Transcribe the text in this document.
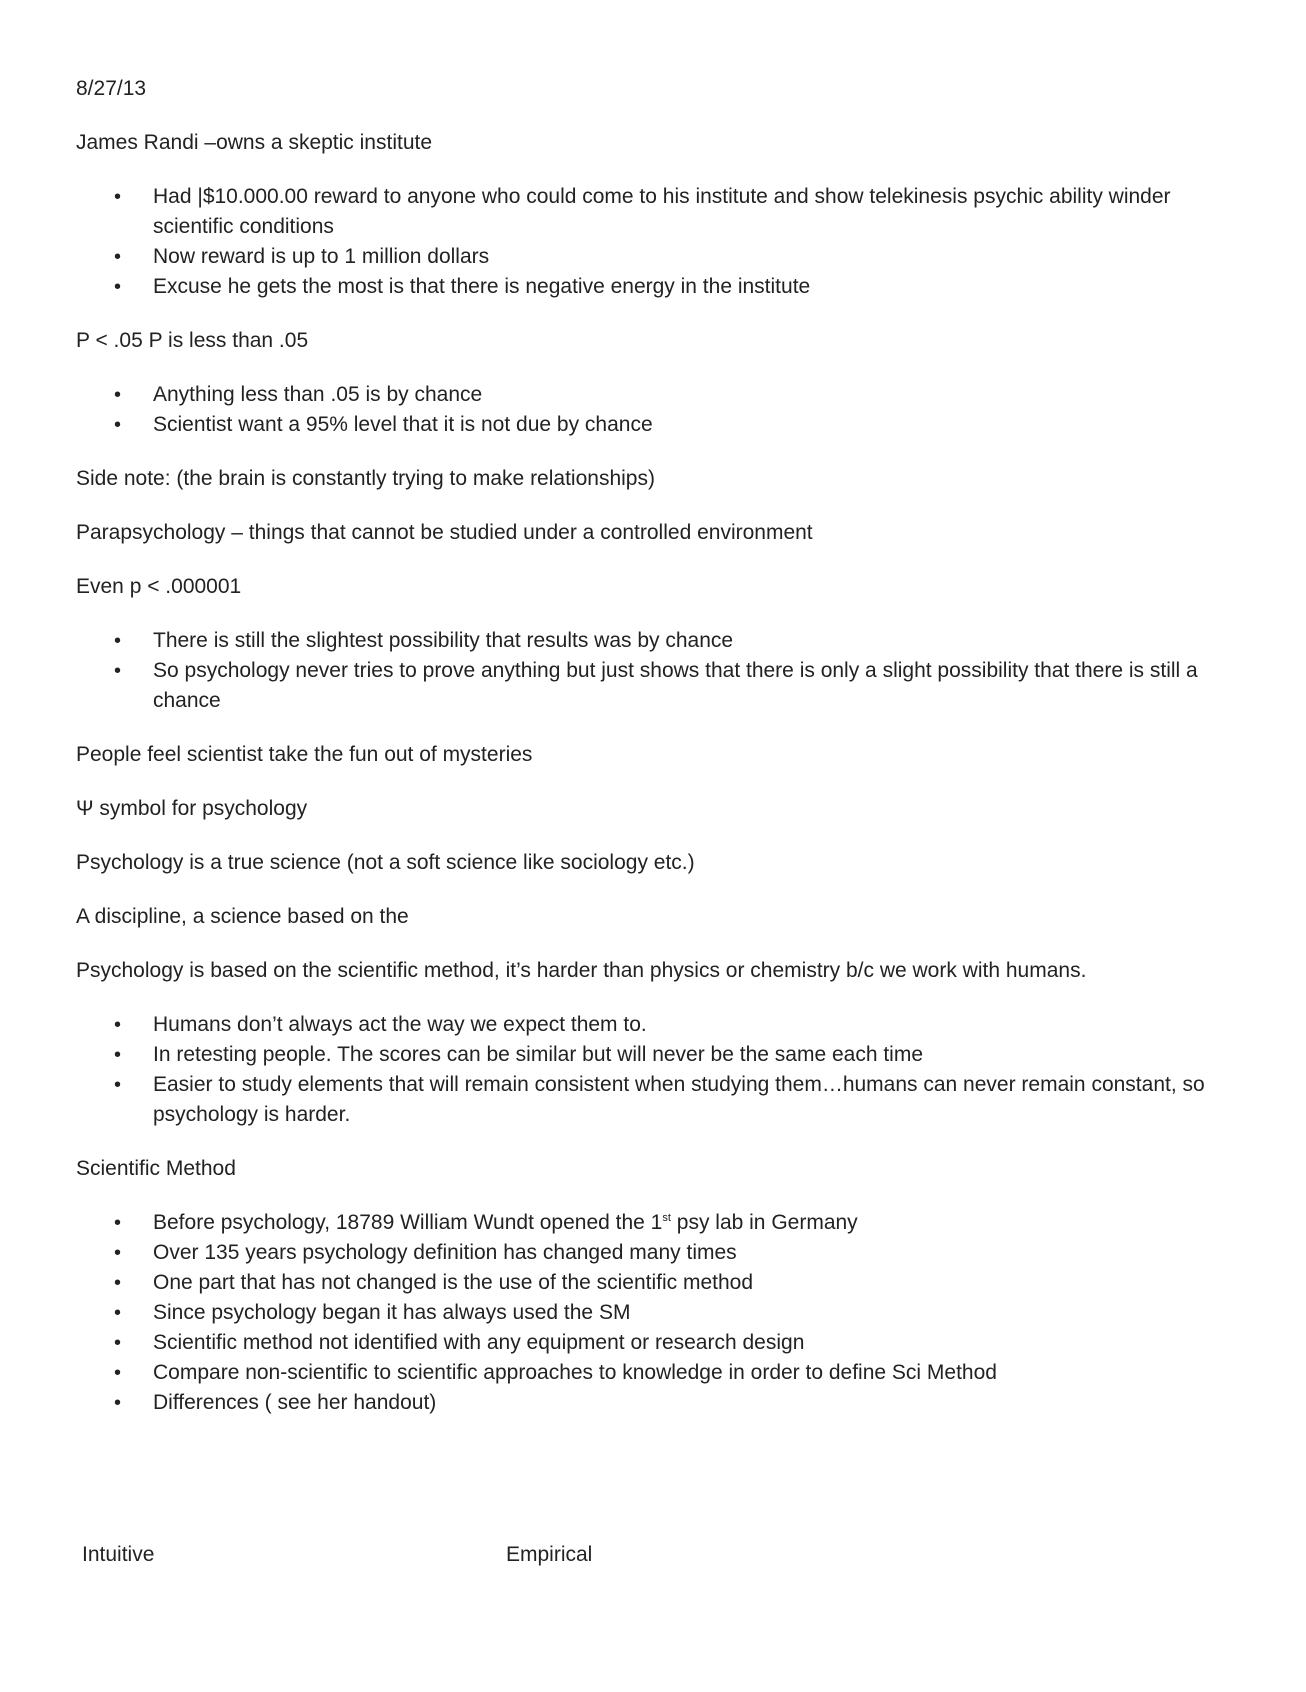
8/27/13

James Randi –owns a skeptic institute

• Had |$10.000.00 reward to anyone who could come to his institute and show telekinesis psychic ability winder scientific conditions
• Now reward is up to 1 million dollars
• Excuse he gets the most is that there is negative energy in the institute

P < .05 P is less than .05

• Anything less than .05 is by chance
• Scientist want a 95% level that it is not due by chance

Side note: (the brain is constantly trying to make relationships)

Parapsychology – things that cannot be studied under a controlled environment

Even p < .000001

• There is still the slightest possibility that results was by chance
• So psychology never tries to prove anything but just shows that there is only a slight possibility that there is still a chance

People feel scientist take the fun out of mysteries

Ψ symbol for psychology

Psychology is a true science (not a soft science like sociology etc.)

A discipline, a science based on the

Psychology is based on the scientific method, it’s harder than physics or chemistry b/c we work with humans.

• Humans don’t always act the way we expect them to.
• In retesting people. The scores can be similar but will never be the same each time
• Easier to study elements that will remain consistent when studying them…humans can never remain constant, so psychology is harder.

Scientific Method

• Before psychology, 18789 William Wundt opened the 1st psy lab in Germany
• Over 135 years psychology definition has changed many times
• One part that has not changed is the use of the scientific method
• Since psychology began it has always used the SM
• Scientific method not identified with any equipment or research design
• Compare non-scientific to scientific approaches to knowledge in order to define Sci Method
• Differences ( see her handout)
Intuitive	Empirical
